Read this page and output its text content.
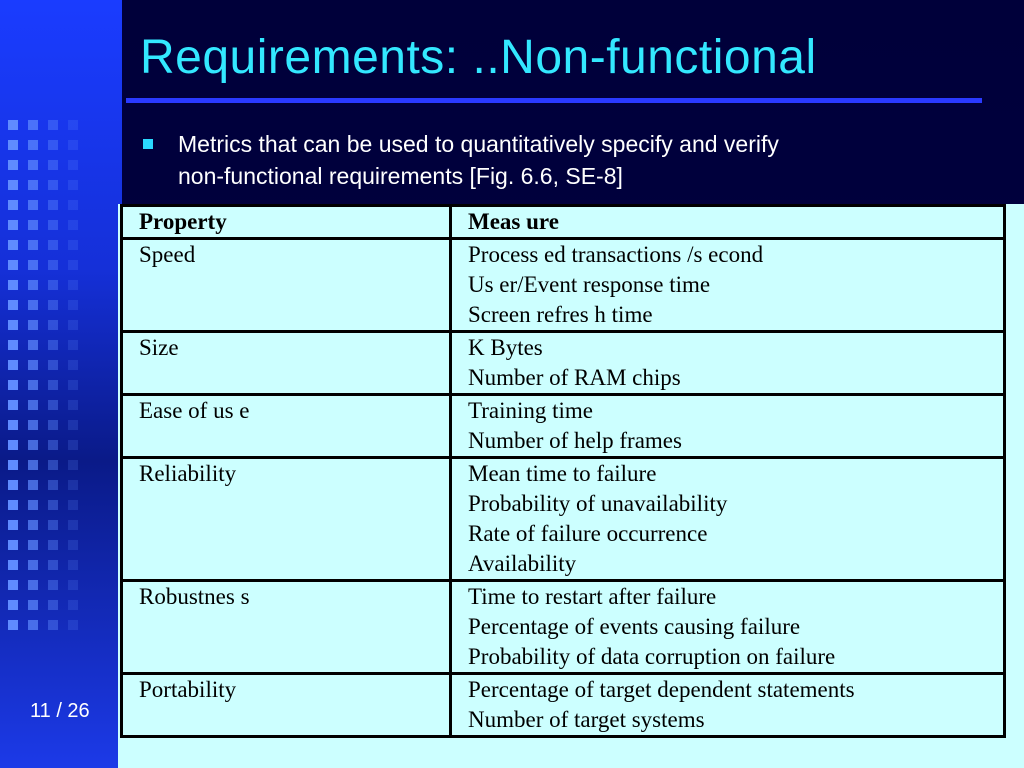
Requirements: ..Non-functional
Metrics that can be used to quantitatively specify and verify
non-functional requirements [Fig. 6.6, SE-8]
Property	Meas ure
Speed	Process ed transactions /s econd
Us er/Event response time
Screen refres h time

Size	K Bytes
Number of RAM chips

Ease of us e	Training time
Number of help frames

Reliability	Mean time to failure
Probability of unavailability
Rate of failure occurrence
Availability

Robustnes s	Time to restart after failure
Percentage of events causing failure
Probability of data corruption on failure

Portability	Percentage of target dependent statements
Number of target systems
11 / 26
